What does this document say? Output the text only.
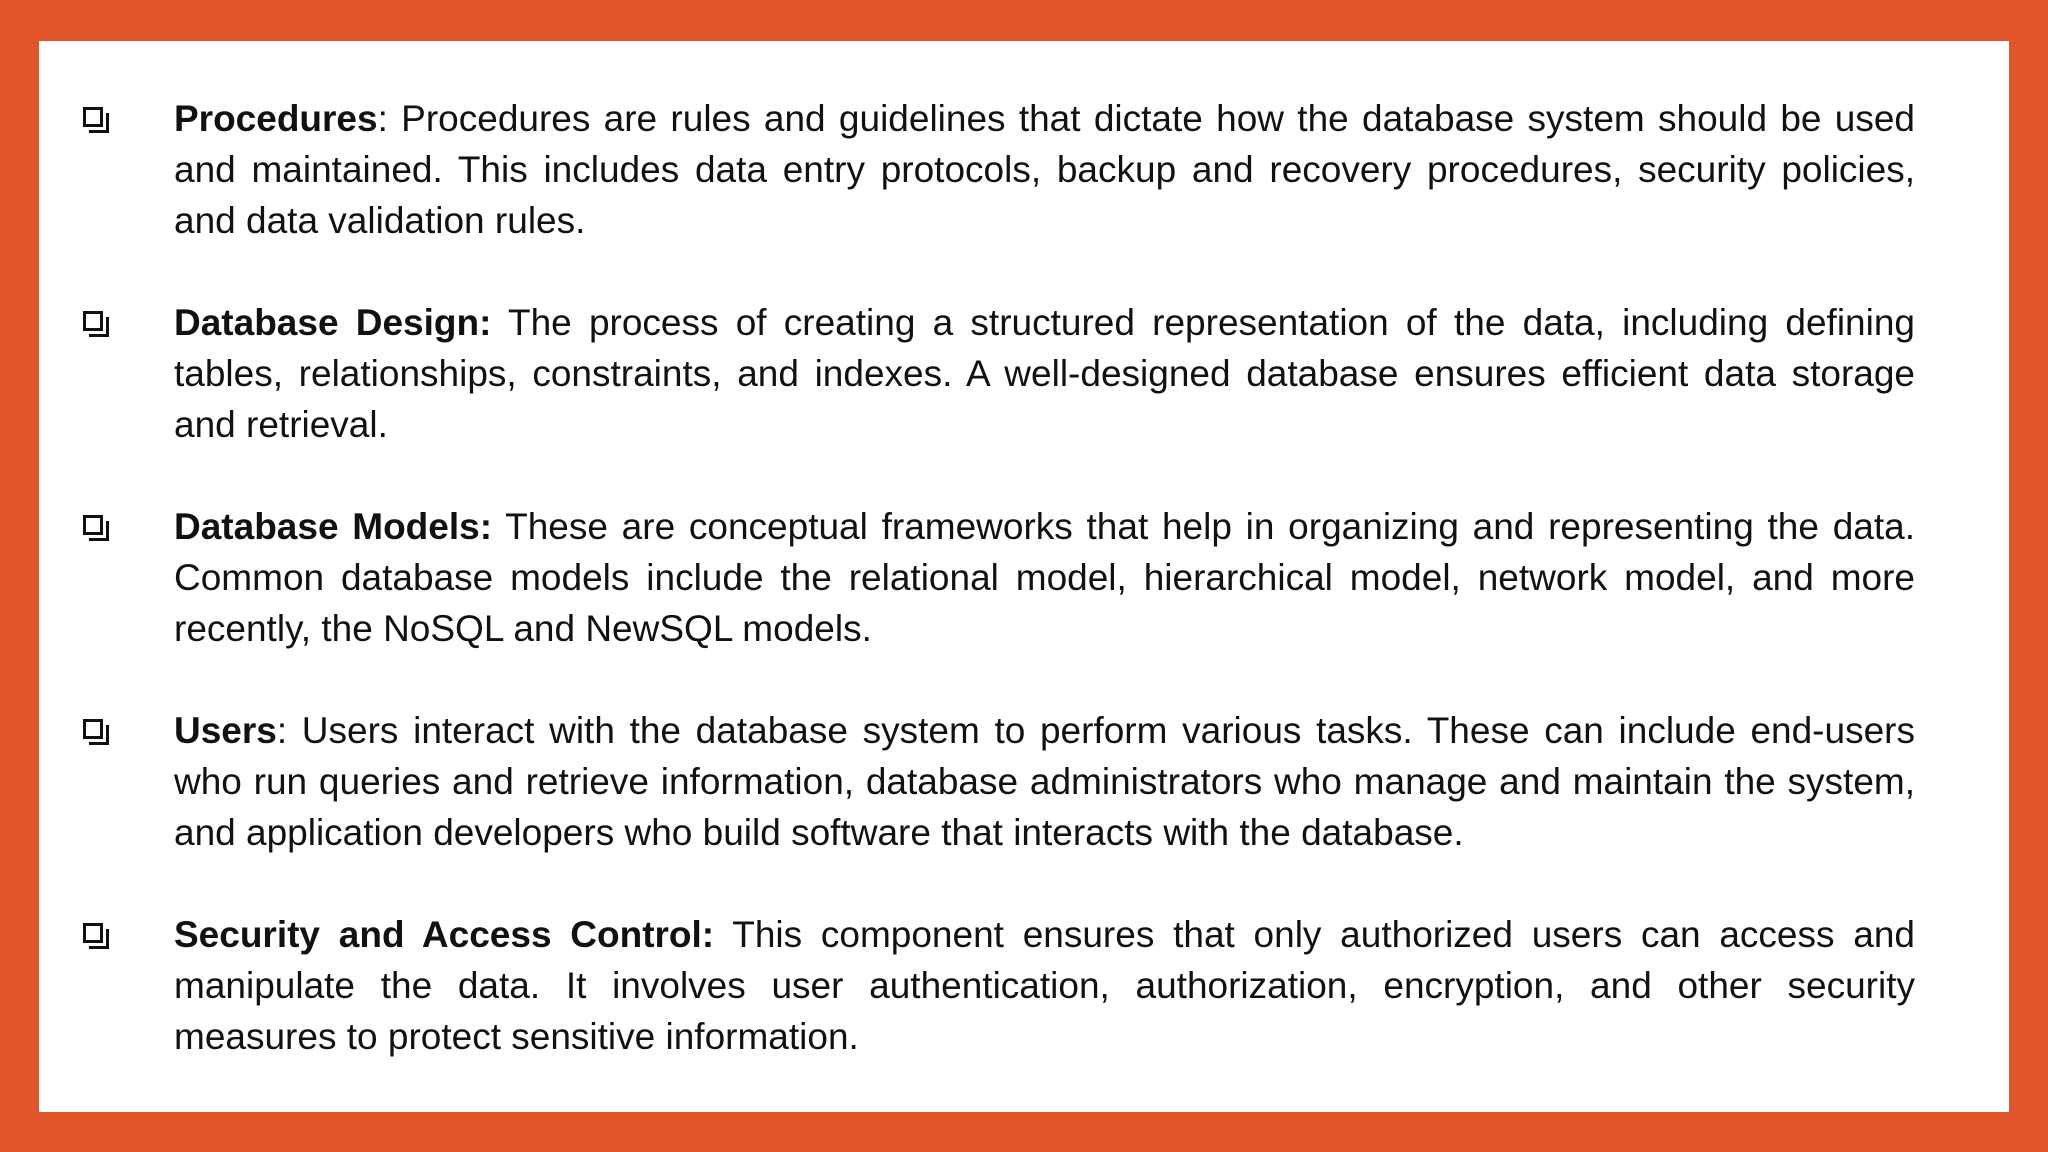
Procedures: Procedures are rules and guidelines that dictate how the database system should be used and maintained. This includes data entry protocols, backup and recovery procedures, security policies, and data validation rules.
Database Design: The process of creating a structured representation of the data, including defining tables, relationships, constraints, and indexes. A well-designed database ensures efficient data storage and retrieval.
Database Models: These are conceptual frameworks that help in organizing and representing the data. Common database models include the relational model, hierarchical model, network model, and more recently, the NoSQL and NewSQL models.
Users: Users interact with the database system to perform various tasks. These can include end-users who run queries and retrieve information, database administrators who manage and maintain the system, and application developers who build software that interacts with the database.
Security and Access Control: This component ensures that only authorized users can access and manipulate the data. It involves user authentication, authorization, encryption, and other security measures to protect sensitive information.
